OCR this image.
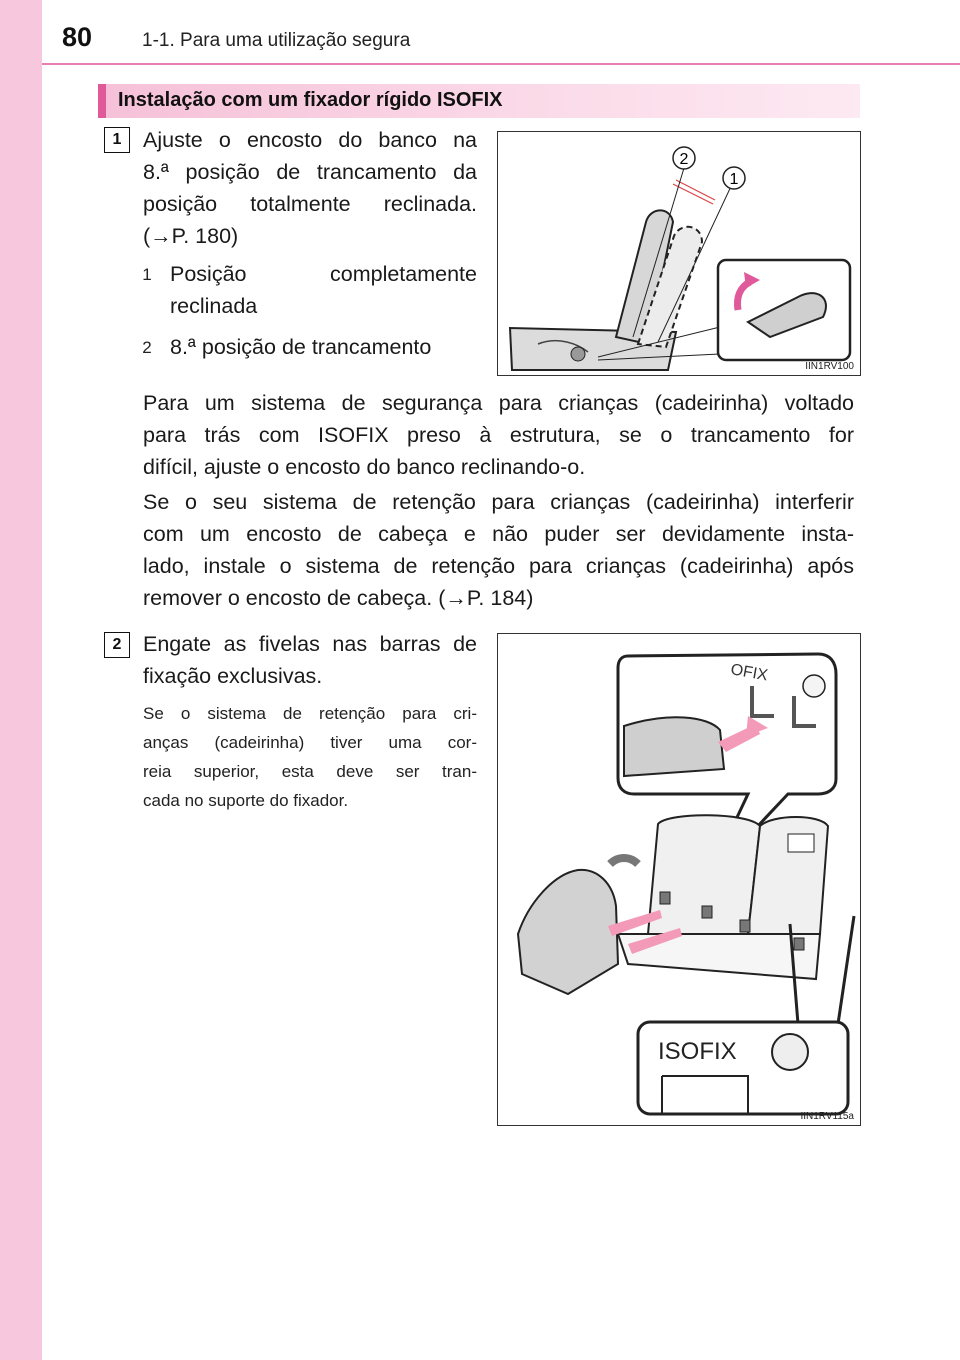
80	1-1. Para uma utilização segura
Instalação com um fixador rígido ISOFIX
1	Ajuste o encosto do banco na
8.ª posição de trancamento da
posição totalmente reclinada.
(→P. 180)
1 Posição completamente
reclinada
2 8.ª posição de trancamento
Para um sistema de segurança para crianças (cadeirinha) voltado
para trás com ISOFIX preso à estrutura, se o trancamento for
difícil, ajuste o encosto do banco reclinando-o.
Se o seu sistema de retenção para crianças (cadeirinha) interferir
com um encosto de cabeça e não puder ser devidamente insta-
lado, instale o sistema de retenção para crianças (cadeirinha) após
remover o encosto de cabeça. (→P. 184)
2
1
IIN1RV100
2	Engate as fivelas nas barras de
fixação exclusivas.
Se o sistema de retenção para cri-
anças (cadeirinha) tiver uma cor-
reia superior, esta deve ser tran-
cada no suporte do fixador.
OFIX
ISOFIX
IIN1RV115a
